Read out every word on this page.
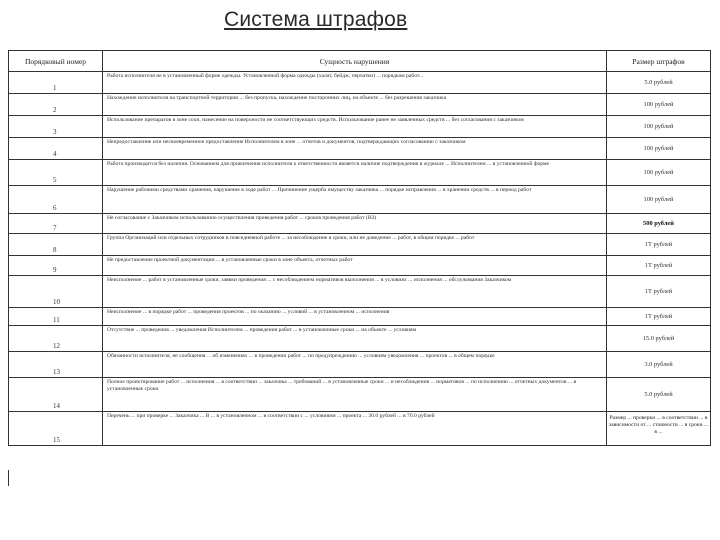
Система штрафов
Порядковый номер	Сущность нарушения	Размер штрафов
1	Работа исполнителя не в установленный форме одежды. Установленной форма одежды (халат, бейдж, перчатки) ... порядком работ...	5.0 рублей
2	Нахождение исполнителя на транспортной территории ... без пропуска, нахождение посторонних лиц, на объекте ... без разрешения заказчика	100 рублей
3	Использование препаратов в зоне сохи, нанесение на поверхности не соответствующих средств. Использование ранее не заявленных средств ... без согласования с заказчиком	100 рублей
4	Непредоставление или несвоевременное предоставление Исполнителем в зоне ... отчетов и документов, подтверждающих согласованию с заказчиком	100 рублей
5	Работа производится без наличия. Основанием для привлечения исполнителя к ответственности является наличие подтверждения в журнале ... Исполнителем ... в установленной форме	100 рублей
6	Нарушение рабочими средствами хранения, нарушение в ходе работ ... Причинение ущерба имуществу заказчика ... порядке исправления ... в хранении средств ... в период работ	100 рублей
7	Не согласование с Заказчиком использованию осуществления проведения работ ... сроков проведения работ (ВЗ)	500 рублей
8	Группа Организаций или отдельных сотрудников в повседневной работе ... за несоблюдение в сроки, или не доведение ... работ, в общем порядке ... работ	1Т рублей
9	Не предоставление проектной документации ... в установленные сроки в зоне объекта, отчетных работ	1Т рублей
10	Неисполнение ... работ в установленные сроки, заявки проведения ... с несоблюдением нормативов выполнения ... в условиях ... исполнения ... обслуживания Заказчиком	1Т рублей
11	Неисполнение ... в порядке работ ... проведения проектов ... по оказанию ... условий ... в установленном ... исполнения	1Т рублей
12	Отсутствие ... проведения ... уведомления Исполнителем ... проведения работ ... в установленные сроки ... на объекте ... условиям	15.0 рублей
13	Обязанности исполнителя, не сообщения ... об изменениях ... в проведении работ ... по предупреждению ... условиям уведомления ... проектов ... в общем порядке	3.0 рублей
14	Полное проектирование работ ... исполнения ... в соответствии ... заказчика ... требований ... в установленные сроки ... и несоблюдения ... нормативов ... по исполнению ... отчетных документов ... в установленные сроки	5.0 рублей
15	Перечень ... при проверке ... Заказчика ... В ... в установленном ... в соответствии с ... условиями ... проекта ... 30.0 рублей ... в 70.0 рублей	Размер ... проверки ... в соответствии ... в зависимости от ... стоимости ... в сроки ... в ...
